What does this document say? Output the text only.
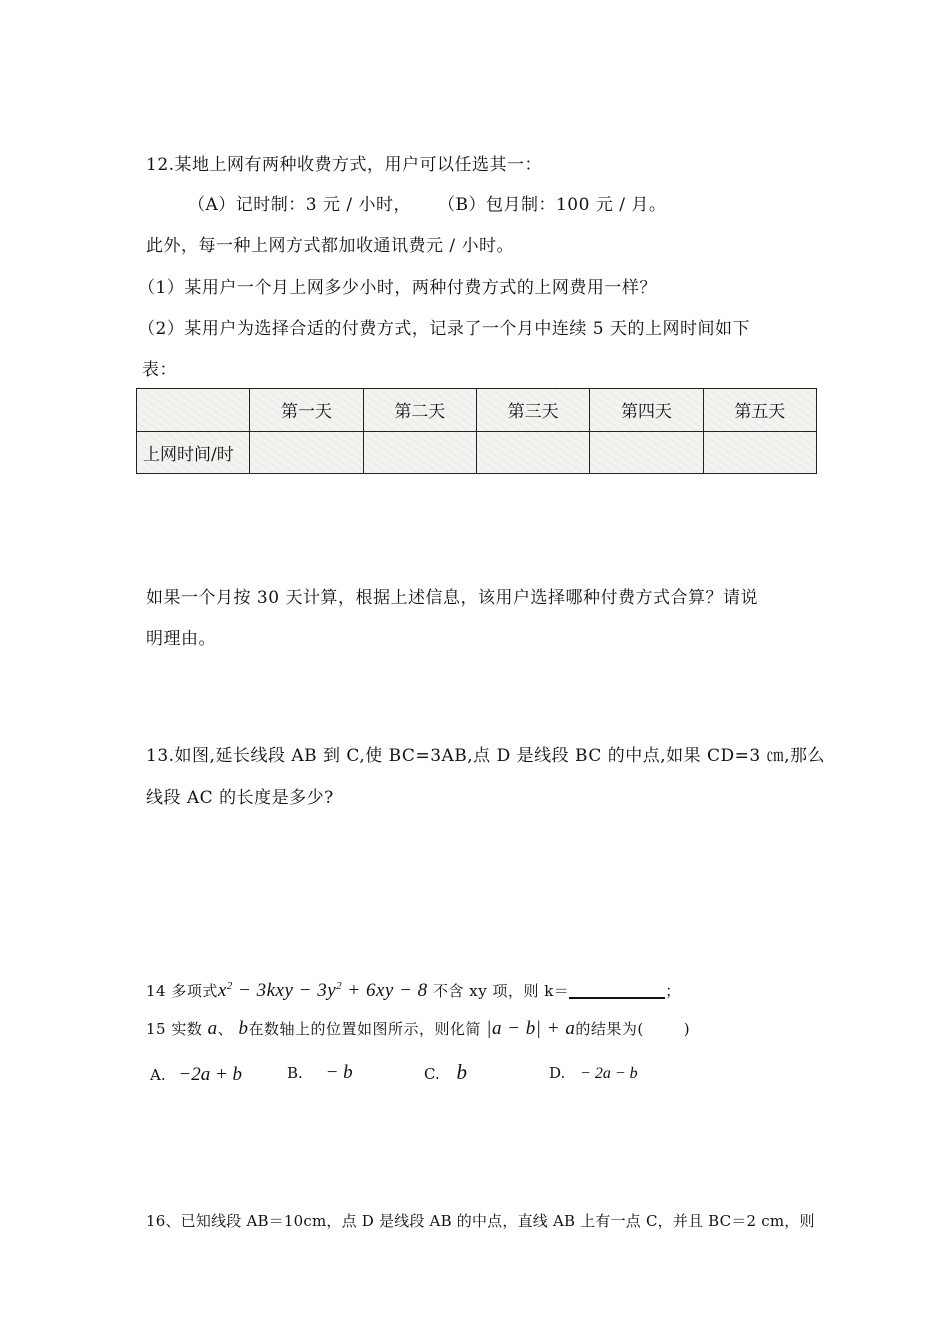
12.某地上网有两种收费方式，用户可以任选其一：
（A）记时制：3 元 / 小时， （B）包月制：100 元 / 月。
此外，每一种上网方式都加收通讯费元 / 小时。
（1）某用户一个月上网多少小时，两种付费方式的上网费用一样？
（2）某用户为选择合适的付费方式，记录了一个月中连续 5 天的上网时间如下
表：
	第一天	第二天	第三天	第四天	第五天
上网时间/时					
如果一个月按 30 天计算，根据上述信息，该用户选择哪种付费方式合算？请说
明理由。
13.如图,延长线段 AB 到 C,使 BC=3AB,点 D 是线段 BC 的中点,如果 CD=3 ㎝,那么
线段 AC 的长度是多少?
14 多项式$x^2 - 3kxy - 3y^2 + 6xy - 8$ 不含 xy 项，则 k＝	；
15 实数 a、 b在数轴上的位置如图所示，则化简 |a − b| + a的结果为(	)
A. −2a + b	B. − b	C. b	D. − 2a − b
16、已知线段 AB＝10cm，点 D 是线段 AB 的中点，直线 AB 上有一点 C，并且 BC＝2 cm，则
